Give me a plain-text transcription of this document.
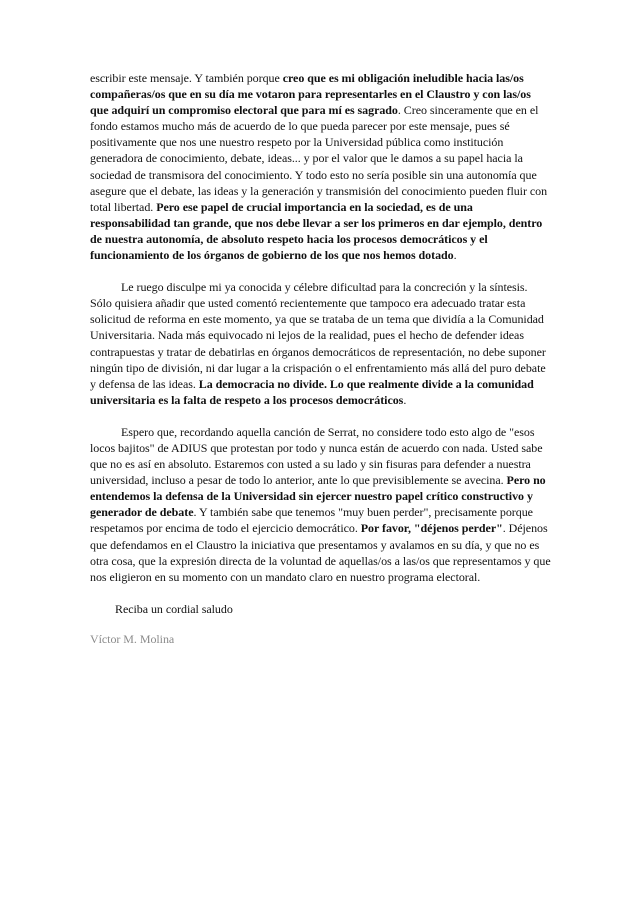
escribir este mensaje. Y también porque creo que es mi obligación ineludible hacia las/os compañeras/os que en su día me votaron para representarles en el Claustro y con las/os que adquirí un compromiso electoral que para mí es sagrado. Creo sinceramente que en el fondo estamos mucho más de acuerdo de lo que pueda parecer por este mensaje, pues sé positivamente que nos une nuestro respeto por la Universidad pública como institución generadora de conocimiento, debate, ideas... y por el valor que le damos a su papel hacia la sociedad de transmisora del conocimiento. Y todo esto no sería posible sin una autonomía que asegure que el debate, las ideas y la generación y transmisión del conocimiento pueden fluir con total libertad. Pero ese papel de crucial importancia en la sociedad, es de una responsabilidad tan grande, que nos debe llevar a ser los primeros en dar ejemplo, dentro de nuestra autonomía, de absoluto respeto hacia los procesos democráticos y el funcionamiento de los órganos de gobierno de los que nos hemos dotado.

Le ruego disculpe mi ya conocida y célebre dificultad para la concreción y la síntesis. Sólo quisiera añadir que usted comentó recientemente que tampoco era adecuado tratar esta solicitud de reforma en este momento, ya que se trataba de un tema que dividía a la Comunidad Universitaria. Nada más equivocado ni lejos de la realidad, pues el hecho de defender ideas contrapuestas y tratar de debatirlas en órganos democráticos de representación, no debe suponer ningún tipo de división, ni dar lugar a la crispación o el enfrentamiento más allá del puro debate y defensa de las ideas. La democracia no divide. Lo que realmente divide a la comunidad universitaria es la falta de respeto a los procesos democráticos.

Espero que, recordando aquella canción de Serrat, no considere todo esto algo de "esos locos bajitos" de ADIUS que protestan por todo y nunca están de acuerdo con nada. Usted sabe que no es así en absoluto. Estaremos con usted a su lado y sin fisuras para defender a nuestra universidad, incluso a pesar de todo lo anterior, ante lo que previsiblemente se avecina. Pero no entendemos la defensa de la Universidad sin ejercer nuestro papel crítico constructivo y generador de debate. Y también sabe que tenemos "muy buen perder", precisamente porque respetamos por encima de todo el ejercicio democrático. Por favor, "déjenos perder". Déjenos que defendamos en el Claustro la iniciativa que presentamos y avalamos en su día, y que no es otra cosa, que la expresión directa de la voluntad de aquellas/os a las/os que representamos y que nos eligieron en su momento con un mandato claro en nuestro programa electoral.

Reciba un cordial saludo

Víctor M. Molina
